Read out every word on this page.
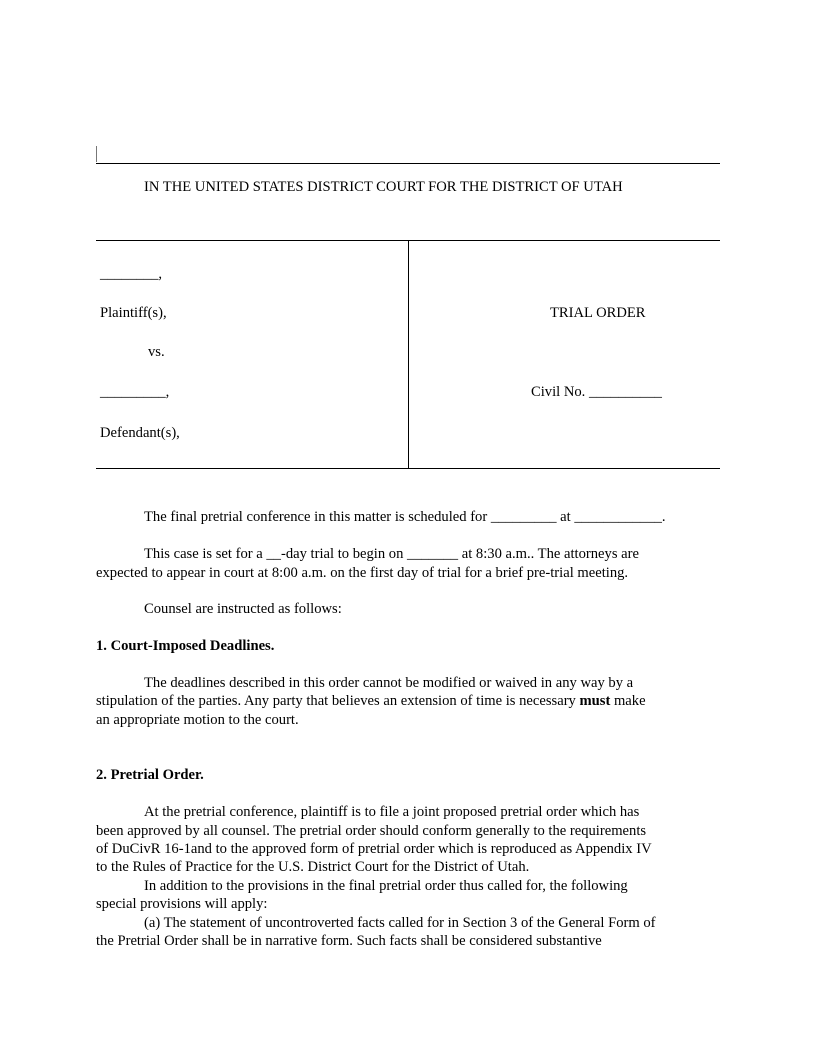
IN THE UNITED STATES DISTRICT COURT FOR THE DISTRICT OF UTAH
________,
Plaintiff(s),
vs.
_________,
Defendant(s),
TRIAL ORDER
Civil No. __________
The final pretrial conference in this matter is scheduled for _________ at ____________.
This case is set for a __-day trial to begin on _______ at 8:30 a.m.. The attorneys are
expected to appear in court at 8:00 a.m. on the first day of trial for a brief pre-trial meeting.
Counsel are instructed as follows:
1. Court-Imposed Deadlines.
The deadlines described in this order cannot be modified or waived in any way by a
stipulation of the parties. Any party that believes an extension of time is necessary must make
an appropriate motion to the court.
2. Pretrial Order.
At the pretrial conference, plaintiff is to file a joint proposed pretrial order which has
been approved by all counsel. The pretrial order should conform generally to the requirements
of DuCivR 16-1and to the approved form of pretrial order which is reproduced as Appendix IV
to the Rules of Practice for the U.S. District Court for the District of Utah.
In addition to the provisions in the final pretrial order thus called for, the following
special provisions will apply:
(a) The statement of uncontroverted facts called for in Section 3 of the General Form of
the Pretrial Order shall be in narrative form. Such facts shall be considered substantive
